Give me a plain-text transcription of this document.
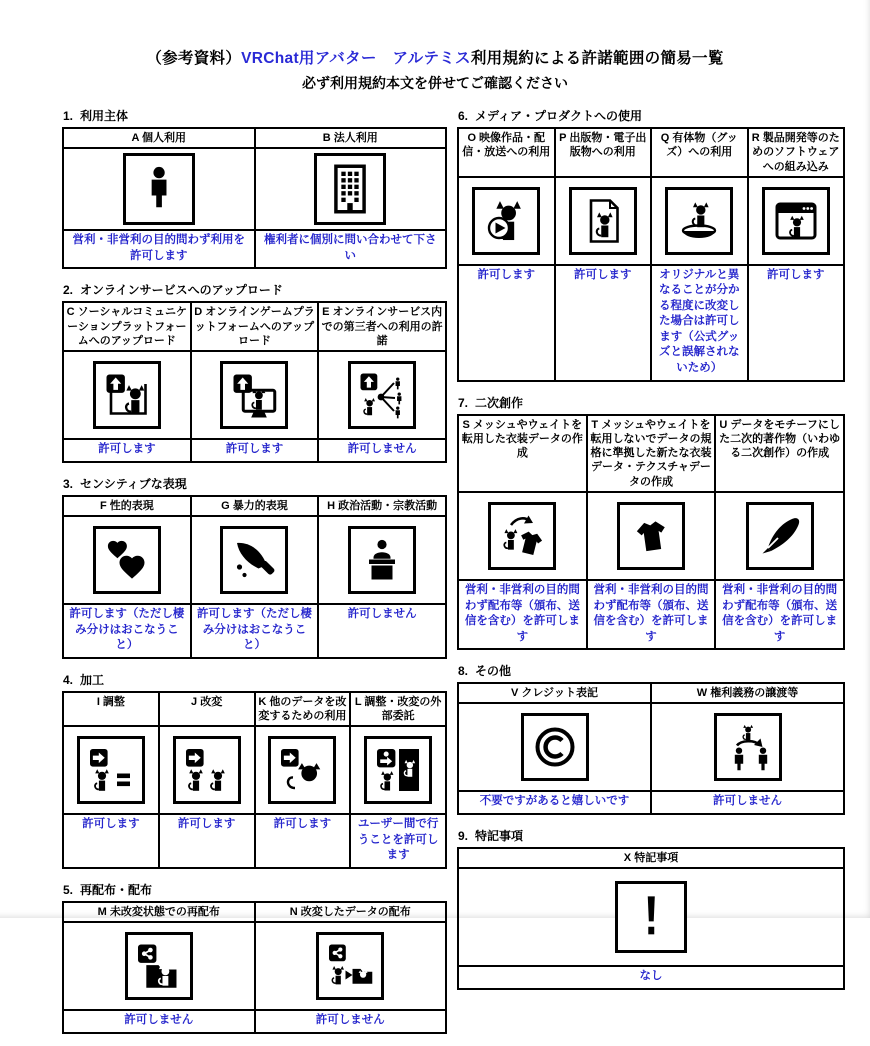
（参考資料）VRChat用アバター　アルテミス利用規約による許諾範囲の簡易一覧
必ず利用規約本文を併せてご確認ください
1. 利用主体
A 個人利用	B 法人利用

営利・非営利の目的問わず利用を許可します	権利者に個別に問い合わせて下さい
2. オンラインサービスへのアップロード
C ソーシャルコミュニケーションプラットフォームへのアップロード	D オンラインゲームプラットフォームへのアップロード	E オンラインサービス内での第三者への利用の許諾

許可します	許可します	許可しません
3. センシティブな表現
F 性的表現	G 暴力的表現	H 政治活動・宗教活動

許可します（ただし棲み分けはおこなうこと）	許可します（ただし棲み分けはおこなうこと）	許可しません
4. 加工
I 調整	J 改変	K 他のデータを改変するための利用	L 調整・改変の外部委託

許可します	許可します	許可します	ユーザー間で行うことを許可します
5. 再配布・配布
M 未改変状態での再配布	N 改変したデータの配布

許可しません	許可しません
6. メディア・プロダクトへの使用
O 映像作品・配信・放送への利用	P 出版物・電子出版物への利用	Q 有体物（グッズ）への利用	R 製品開発等のためのソフトウェアへの組み込み

許可します	許可します	オリジナルと異なることが分かる程度に改変した場合は許可します（公式グッズと誤解されないため）	許可します
7. 二次創作
S メッシュやウェイトを転用した衣装データの作成	T メッシュやウェイトを転用しないでデータの規格に準拠した新たな衣装データ・テクスチャデータの作成	U データをモチーフにした二次的著作物（いわゆる二次創作）の作成

営利・非営利の目的問わず配布等（頒布、送信を含む）を許可します	営利・非営利の目的問わず配布等（頒布、送信を含む）を許可します	営利・非営利の目的問わず配布等（頒布、送信を含む）を許可します
8. その他
V クレジット表記	W 権利義務の譲渡等

不要ですがあると嬉しいです	許可しません
9. 特記事項
X 特記事項

なし
